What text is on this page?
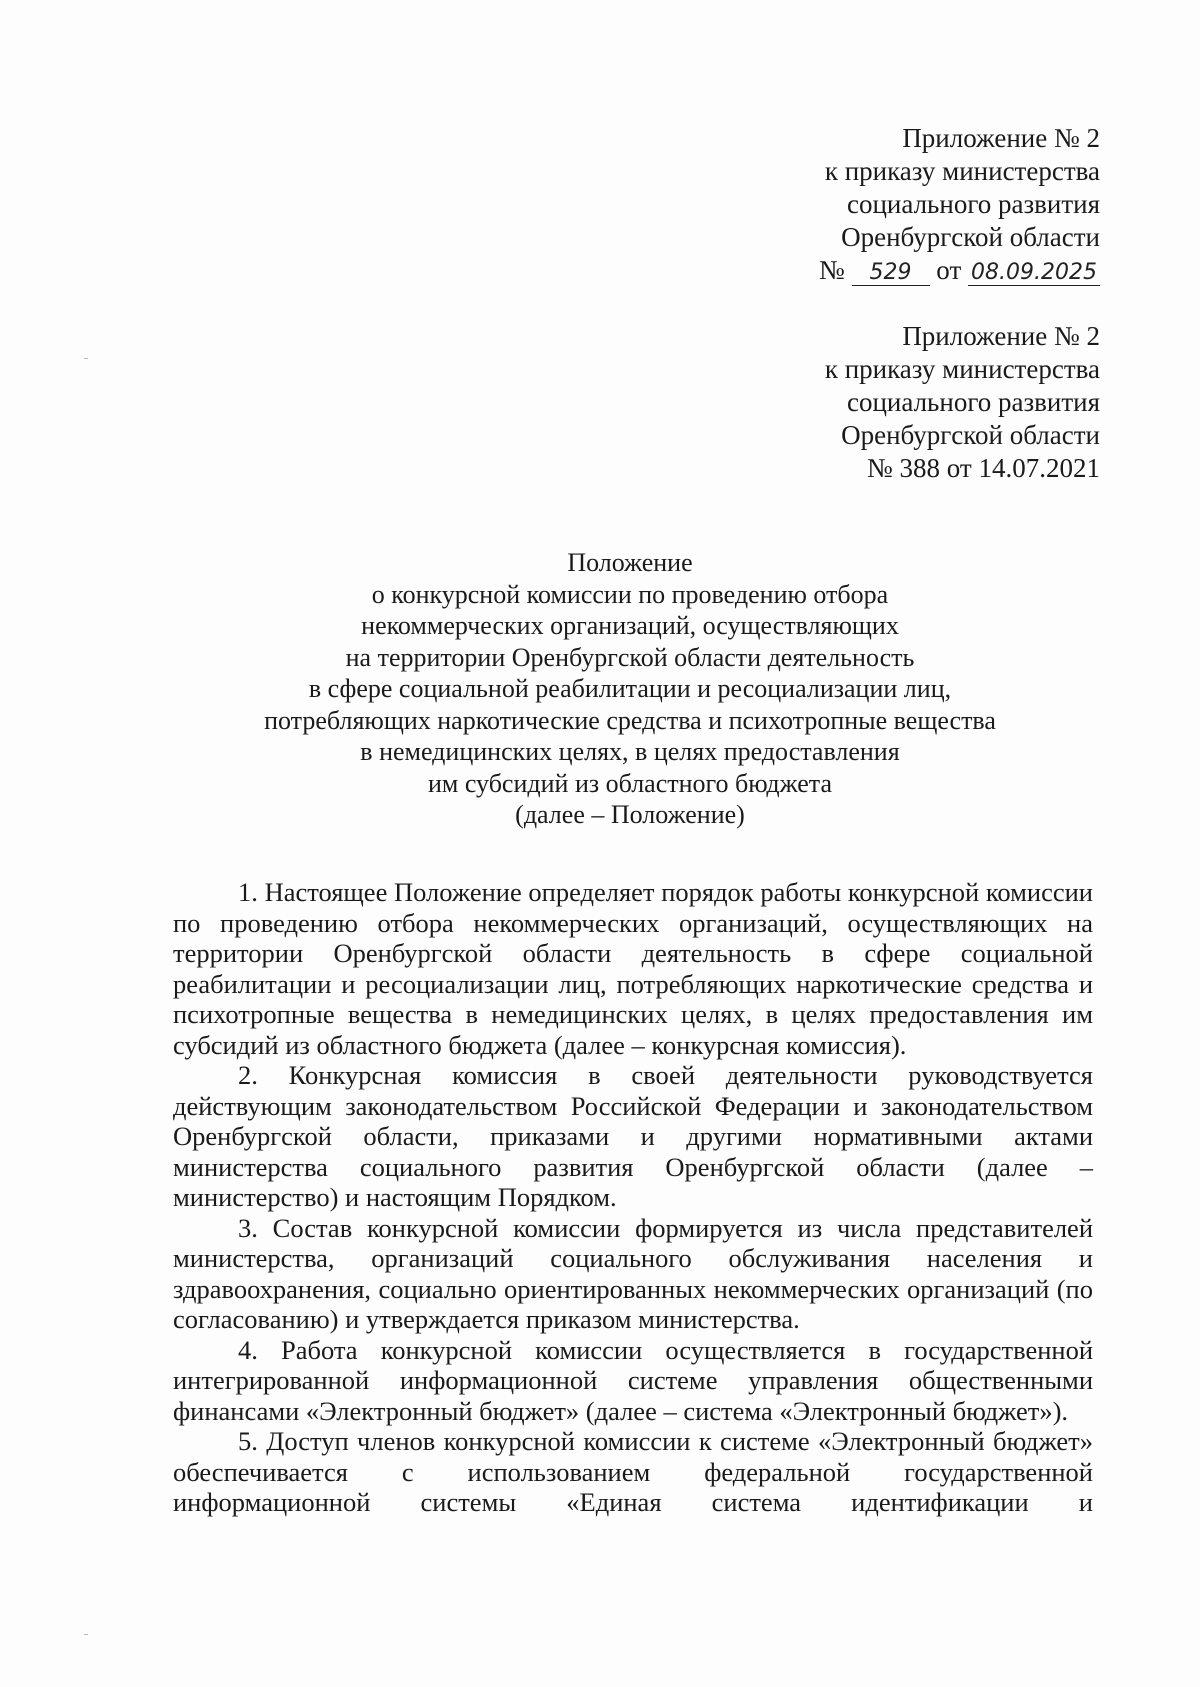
Приложение № 2
к приказу министерства
социального развития
Оренбургской области
№ 529 от 08.09.2025
Приложение № 2
к приказу министерства
социального развития
Оренбургской области
№ 388 от 14.07.2021
Положение
о конкурсной комиссии по проведению отбора
некоммерческих организаций, осуществляющих
на территории Оренбургской области деятельность
в сфере социальной реабилитации и ресоциализации лиц,
потребляющих наркотические средства и психотропные вещества
в немедицинских целях, в целях предоставления
им субсидий из областного бюджета
(далее – Положение)

1. Настоящее Положение определяет порядок работы конкурсной комиссии по проведению отбора некоммерческих организаций, осуществляющих на территории Оренбургской области деятельность в сфере социальной реабилитации и ресоциализации лиц, потребляющих наркотические средства и психотропные вещества в немедицинских целях, в целях предоставления им субсидий из областного бюджета (далее – конкурсная комиссия).

2. Конкурсная комиссия в своей деятельности руководствуется действующим законодательством Российской Федерации и законодательством Оренбургской области, приказами и другими нормативными актами министерства социального развития Оренбургской области (далее – министерство) и настоящим Порядком.

3. Состав конкурсной комиссии формируется из числа представителей министерства, организаций социального обслуживания населения и здравоохранения, социально ориентированных некоммерческих организаций (по согласованию) и утверждается приказом министерства.

4. Работа конкурсной комиссии осуществляется в государственной интегрированной информационной системе управления общественными финансами «Электронный бюджет» (далее – система «Электронный бюджет»).

5. Доступ членов конкурсной комиссии к системе «Электронный бюджет» обеспечивается с использованием федеральной государственной информационной системы «Единая система идентификации и
